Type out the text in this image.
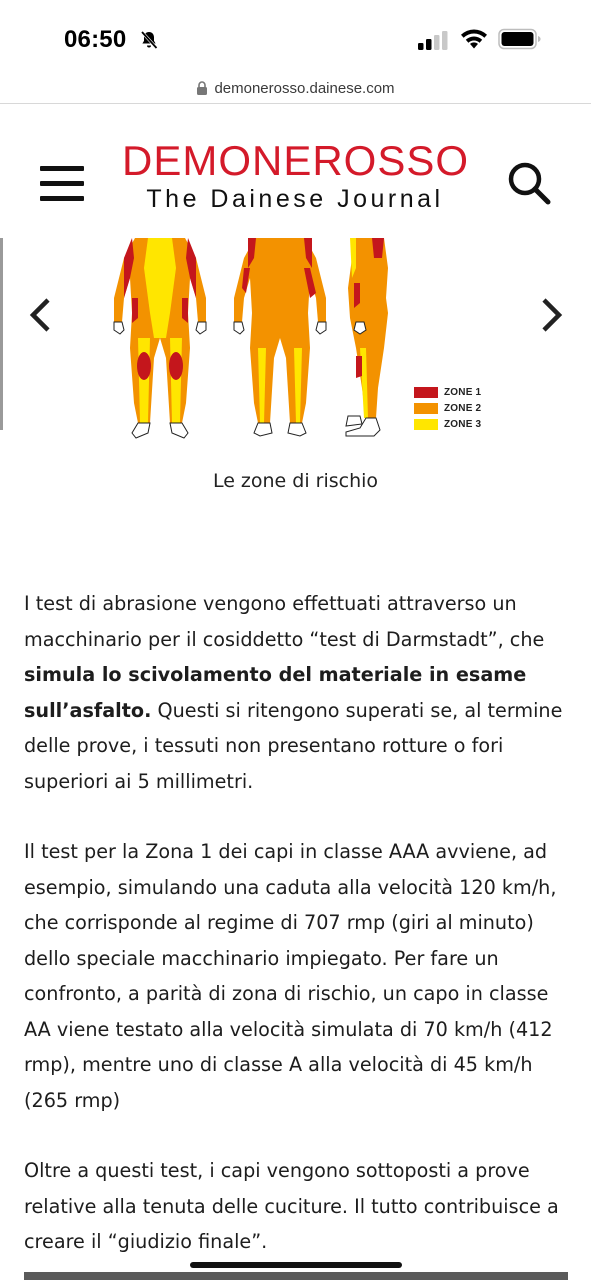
06:50
demonerosso.dainese.com
DEMONEROSSO
The Dainese Journal
ZONE 1
ZONE 2
ZONE 3
Le zone di rischio

I test di abrasione vengono effettuati attraverso un macchinario per il cosiddetto “test di Darmstadt”, che simula lo scivolamento del materiale in esame sull’asfalto. Questi si ritengono superati se, al termine delle prove, i tessuti non presentano rotture o fori superiori ai 5 millimetri.

Il test per la Zona 1 dei capi in classe AAA avviene, ad esempio, simulando una caduta alla velocità 120 km/h, che corrisponde al regime di 707 rmp (giri al minuto) dello speciale macchinario impiegato. Per fare un confronto, a parità di zona di rischio, un capo in classe AA viene testato alla velocità simulata di 70 km/h (412 rmp), mentre uno di classe A alla velocità di 45 km/h (265 rmp)

Oltre a questi test, i capi vengono sottoposti a prove relative alla tenuta delle cuciture. Il tutto contribuisce a creare il “giudizio finale”.
